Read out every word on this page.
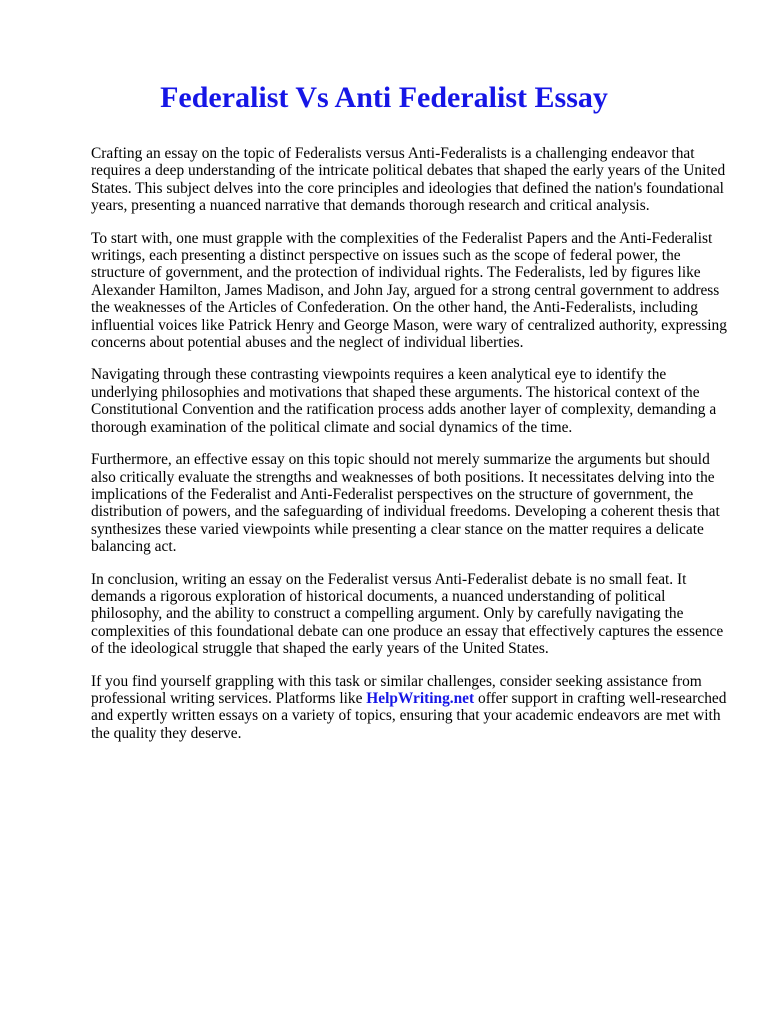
Federalist Vs Anti Federalist Essay

Crafting an essay on the topic of Federalists versus Anti-Federalists is a challenging endeavor that requires a deep understanding of the intricate political debates that shaped the early years of the United States. This subject delves into the core principles and ideologies that defined the nation's foundational years, presenting a nuanced narrative that demands thorough research and critical analysis.

To start with, one must grapple with the complexities of the Federalist Papers and the Anti-Federalist writings, each presenting a distinct perspective on issues such as the scope of federal power, the structure of government, and the protection of individual rights. The Federalists, led by figures like Alexander Hamilton, James Madison, and John Jay, argued for a strong central government to address the weaknesses of the Articles of Confederation. On the other hand, the Anti-Federalists, including influential voices like Patrick Henry and George Mason, were wary of centralized authority, expressing concerns about potential abuses and the neglect of individual liberties.

Navigating through these contrasting viewpoints requires a keen analytical eye to identify the underlying philosophies and motivations that shaped these arguments. The historical context of the Constitutional Convention and the ratification process adds another layer of complexity, demanding a thorough examination of the political climate and social dynamics of the time.

Furthermore, an effective essay on this topic should not merely summarize the arguments but should also critically evaluate the strengths and weaknesses of both positions. It necessitates delving into the implications of the Federalist and Anti-Federalist perspectives on the structure of government, the distribution of powers, and the safeguarding of individual freedoms. Developing a coherent thesis that synthesizes these varied viewpoints while presenting a clear stance on the matter requires a delicate balancing act.

In conclusion, writing an essay on the Federalist versus Anti-Federalist debate is no small feat. It demands a rigorous exploration of historical documents, a nuanced understanding of political philosophy, and the ability to construct a compelling argument. Only by carefully navigating the complexities of this foundational debate can one produce an essay that effectively captures the essence of the ideological struggle that shaped the early years of the United States.

If you find yourself grappling with this task or similar challenges, consider seeking assistance from professional writing services. Platforms like HelpWriting.net offer support in crafting well-researched and expertly written essays on a variety of topics, ensuring that your academic endeavors are met with the quality they deserve.
